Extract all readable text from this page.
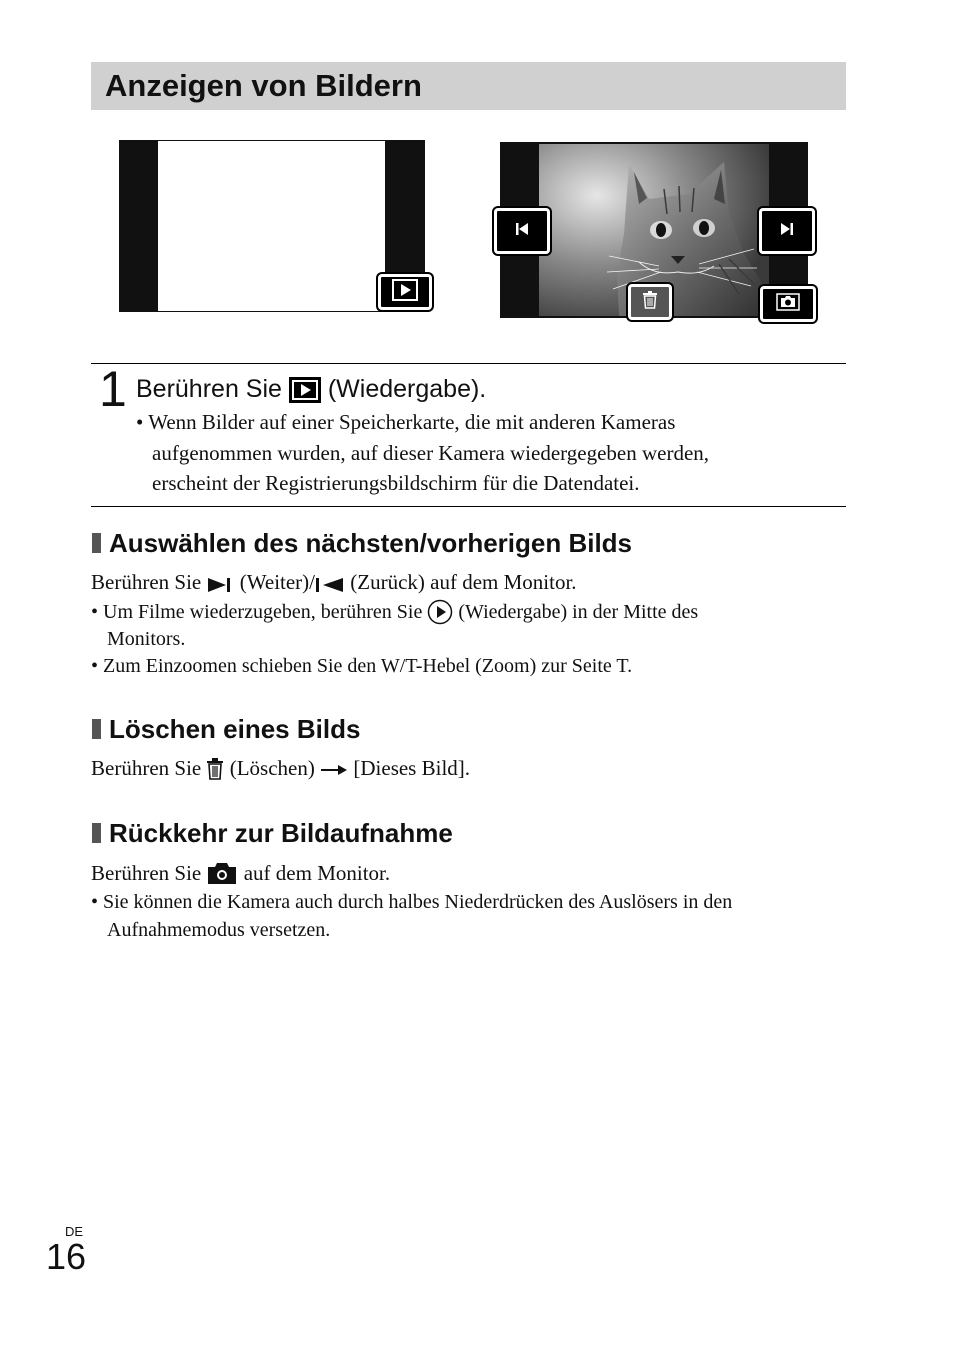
Anzeigen von Bildern
1 Berühren Sie (Wiedergabe).
• Wenn Bilder auf einer Speicherkarte, die mit anderen Kameras
aufgenommen wurden, auf dieser Kamera wiedergegeben werden,
erscheint der Registrierungsbildschirm für die Datendatei.
Auswählen des nächsten/vorherigen Bilds
Berühren Sie (Weiter)/ (Zurück) auf dem Monitor.
• Um Filme wiederzugeben, berühren Sie (Wiedergabe) in der Mitte des
Monitors.
• Zum Einzoomen schieben Sie den W/T-Hebel (Zoom) zur Seite T.
Löschen eines Bilds
Berühren Sie (Löschen) [Dieses Bild].
Rückkehr zur Bildaufnahme
Berühren Sie auf dem Monitor.
• Sie können die Kamera auch durch halbes Niederdrücken des Auslösers in den
Aufnahmemodus versetzen.
DE
16
